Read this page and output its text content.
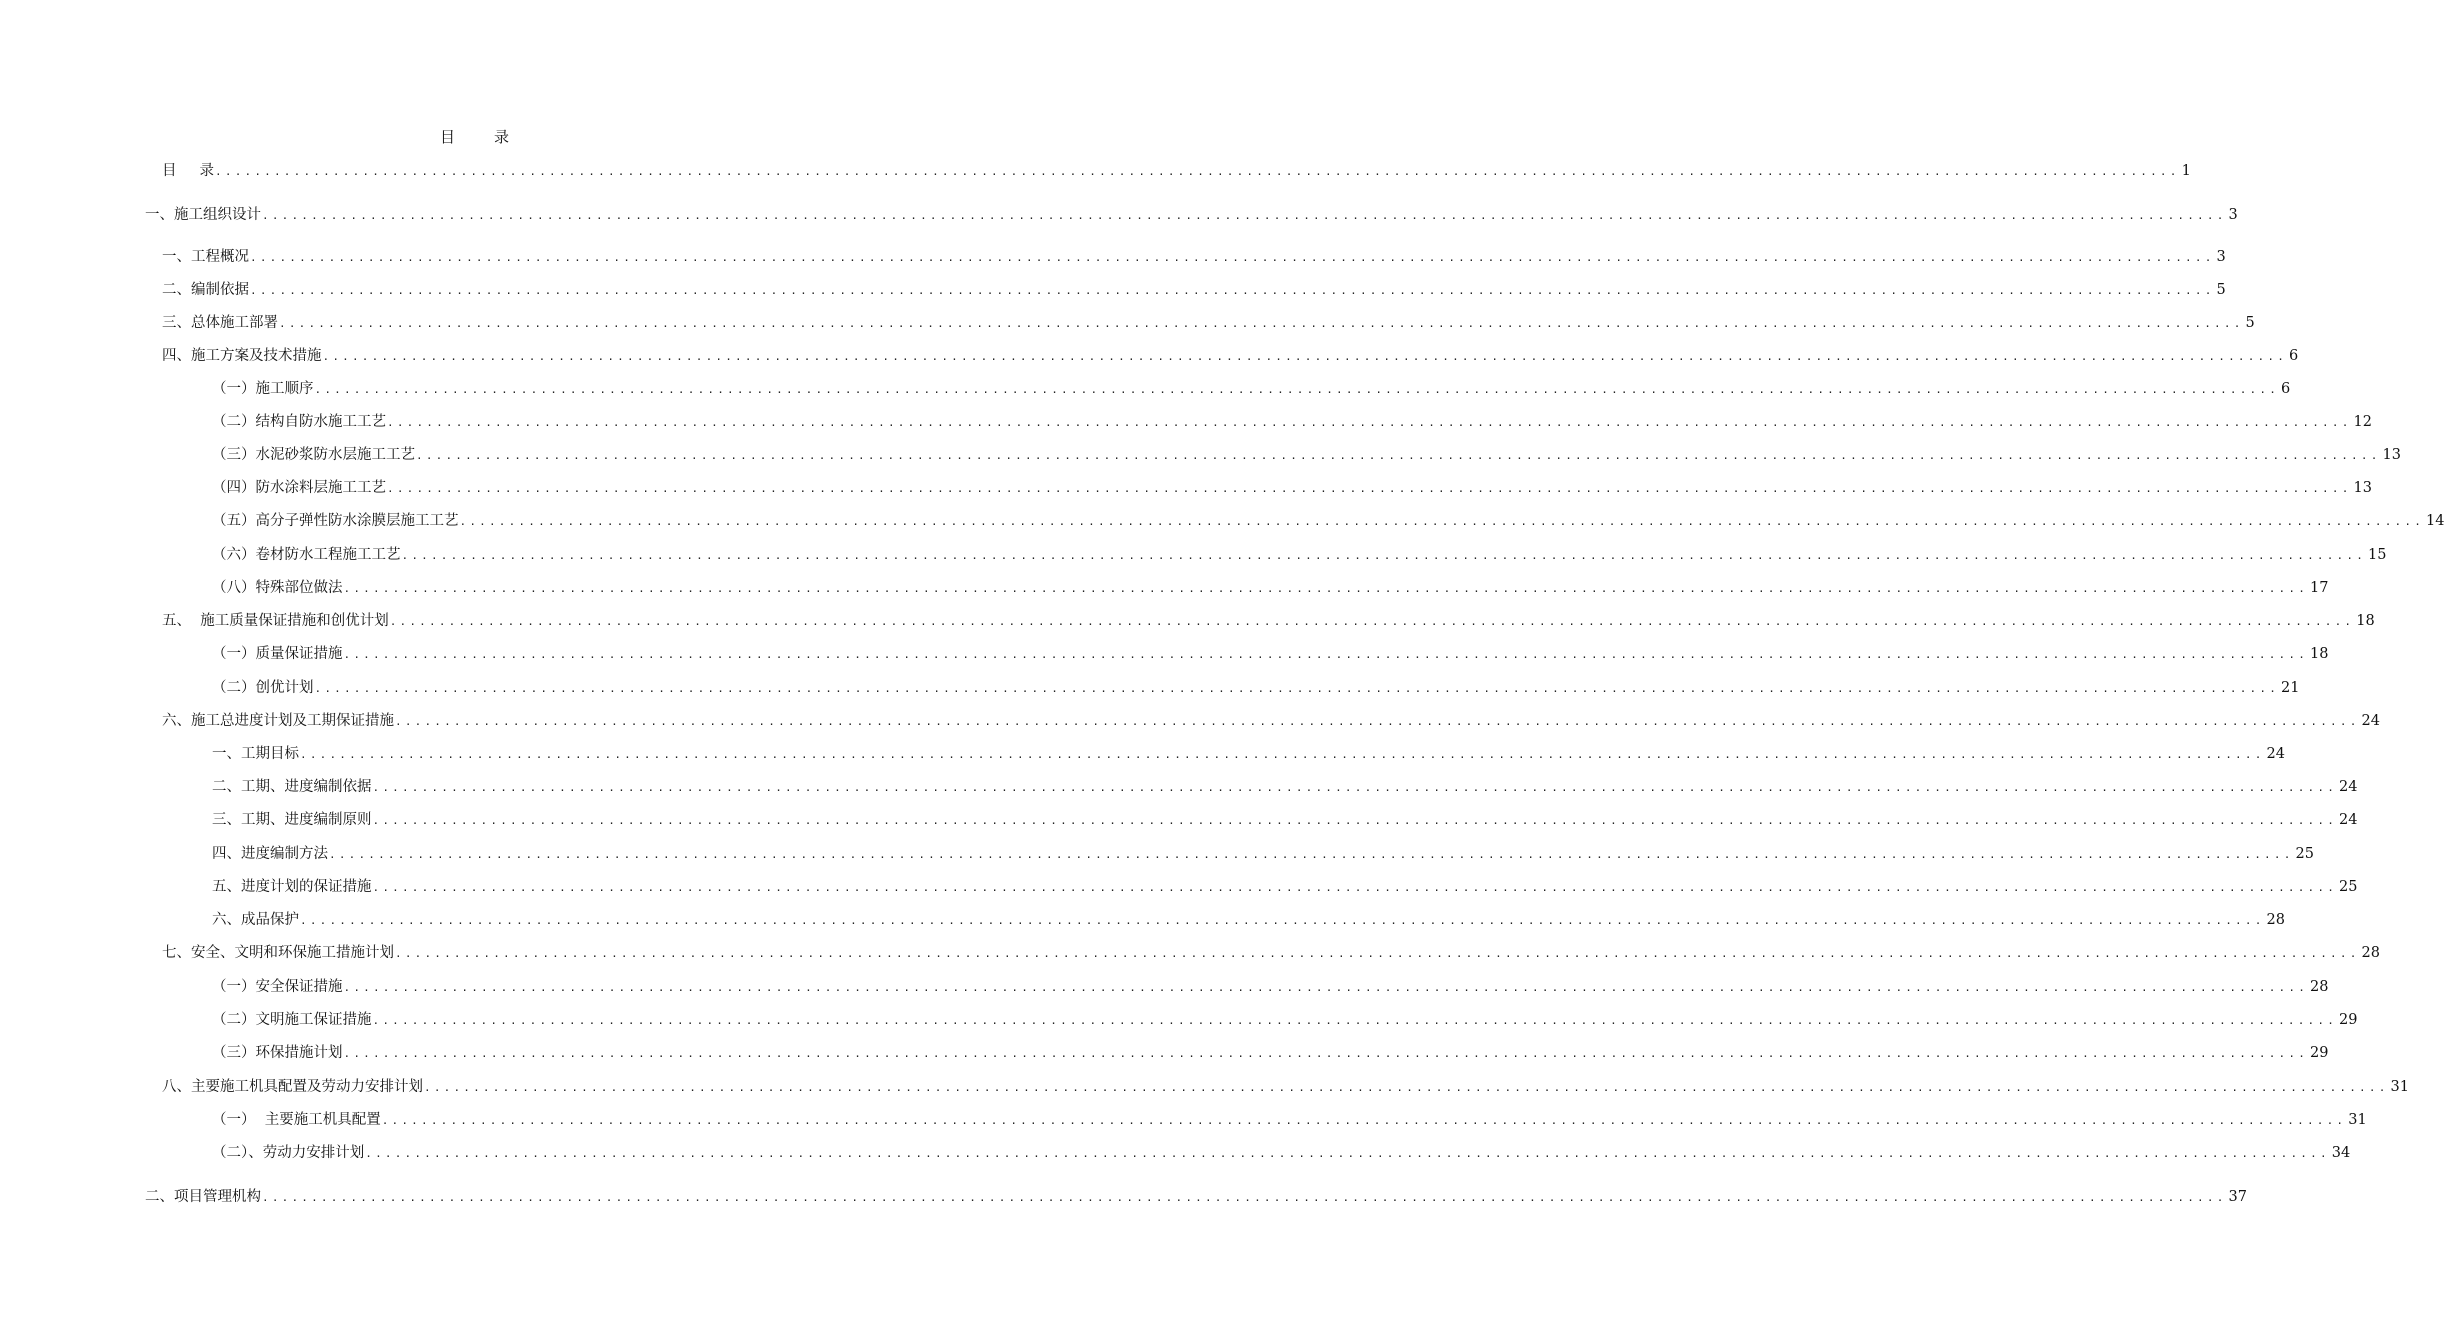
目	录
目     录 ........................................................................................................................................................................................................ 1
一、施工组织设计 ........................................................................................................................................................................................................ 3
一、工程概况 ........................................................................................................................................................................................................ 3
二、编制依据 ........................................................................................................................................................................................................ 5
三、总体施工部署 ........................................................................................................................................................................................................ 5
四、施工方案及技术措施 ........................................................................................................................................................................................................ 6
（一）施工顺序 ........................................................................................................................................................................................................ 6
（二）结构自防水施工工艺 ........................................................................................................................................................................................................ 12
（三）水泥砂浆防水层施工工艺 ........................................................................................................................................................................................................ 13
（四）防水涂料层施工工艺 ........................................................................................................................................................................................................ 13
（五）高分子弹性防水涂膜层施工工艺 ........................................................................................................................................................................................................ 14
（六）卷材防水工程施工工艺 ........................................................................................................................................................................................................ 15
（八）特殊部位做法 ........................................................................................................................................................................................................ 17
五、  施工质量保证措施和创优计划 ........................................................................................................................................................................................................ 18
（一）质量保证措施 ........................................................................................................................................................................................................ 18
（二）创优计划 ........................................................................................................................................................................................................ 21
六、施工总进度计划及工期保证措施 ........................................................................................................................................................................................................ 24
一、工期目标 ........................................................................................................................................................................................................ 24
二、工期、进度编制依据 ........................................................................................................................................................................................................ 24
三、工期、进度编制原则 ........................................................................................................................................................................................................ 24
四、进度编制方法 ........................................................................................................................................................................................................ 25
五、进度计划的保证措施 ........................................................................................................................................................................................................ 25
六、成品保护 ........................................................................................................................................................................................................ 28
七、安全、文明和环保施工措施计划 ........................................................................................................................................................................................................ 28
（一）安全保证措施 ........................................................................................................................................................................................................ 28
（二）文明施工保证措施 ........................................................................................................................................................................................................ 29
（三）环保措施计划 ........................................................................................................................................................................................................ 29
八、主要施工机具配置及劳动力安排计划 ........................................................................................................................................................................................................ 31
（一）  主要施工机具配置 ........................................................................................................................................................................................................ 31
（二）、劳动力安排计划 ........................................................................................................................................................................................................ 34
二、项目管理机构 ........................................................................................................................................................................................................ 37
